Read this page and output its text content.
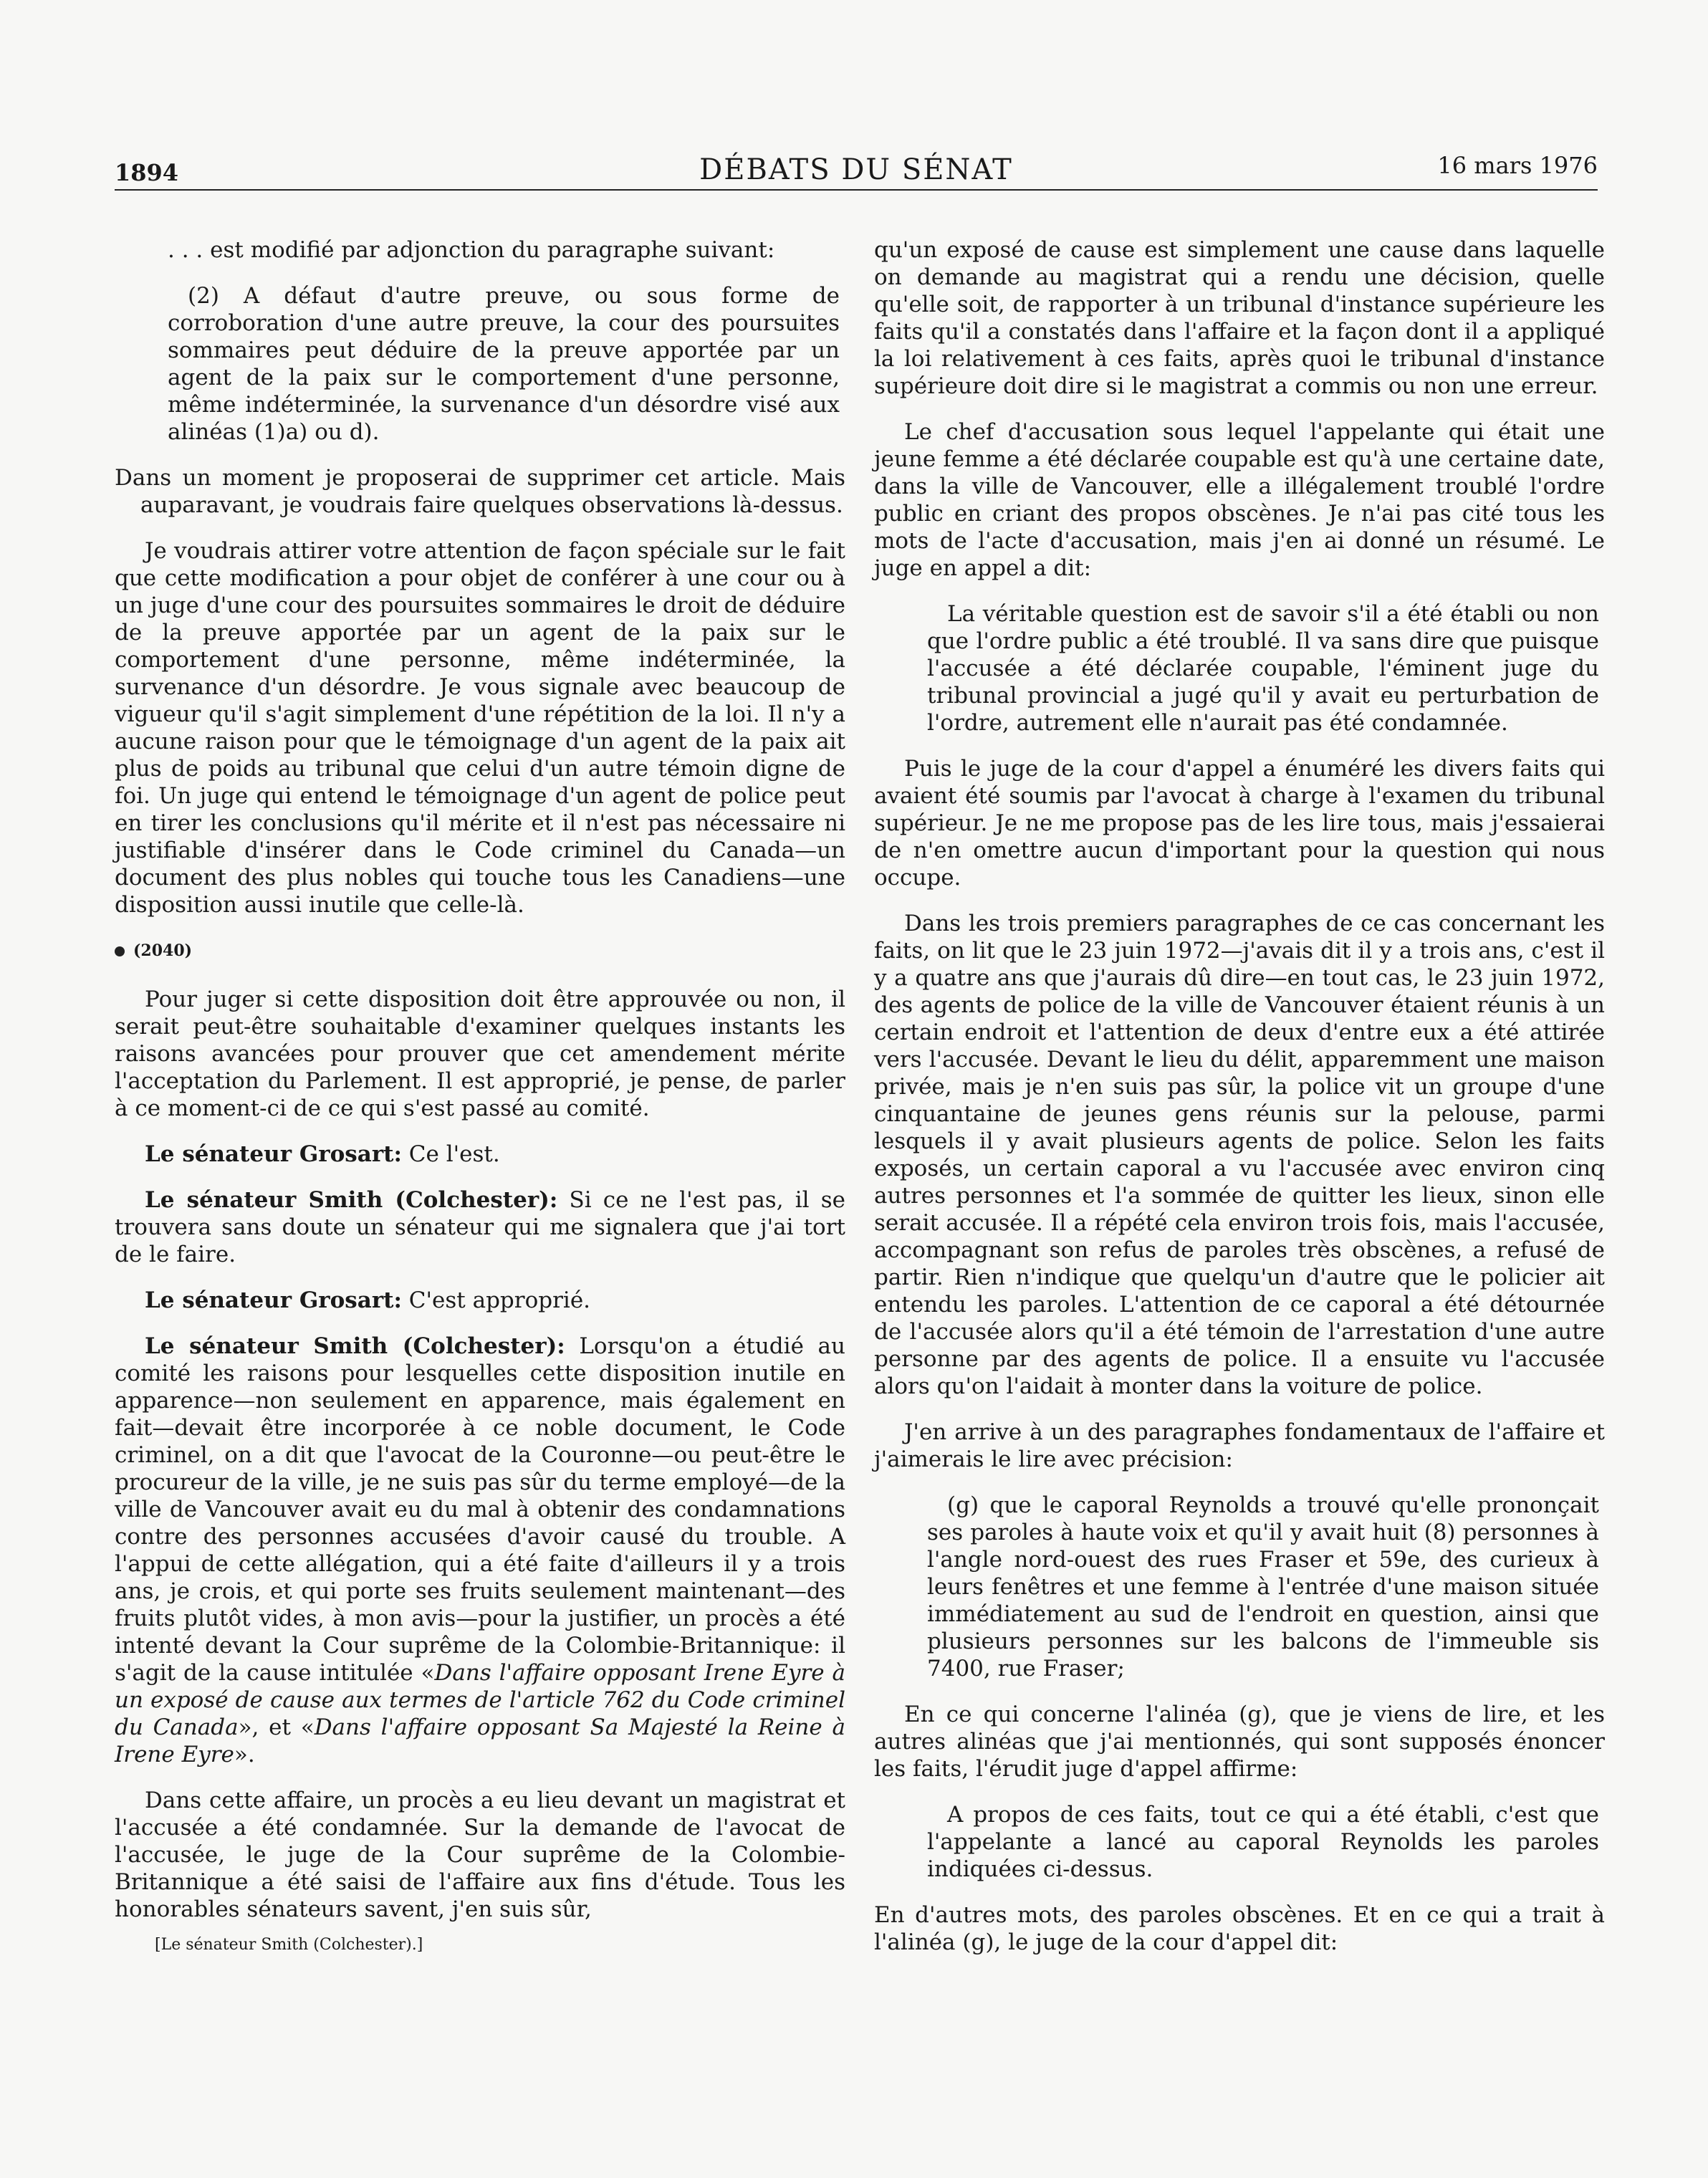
1894	DÉBATS DU SÉNAT	16 mars 1976

. . . est modifié par adjonction du paragraphe suivant:

(2) A défaut d'autre preuve, ou sous forme de corroboration d'une autre preuve, la cour des poursuites sommaires peut déduire de la preuve apportée par un agent de la paix sur le comportement d'une personne, même indéterminée, la survenance d'un désordre visé aux alinéas (1)a) ou d).

Dans un moment je proposerai de supprimer cet article. Mais auparavant, je voudrais faire quelques observations là-dessus.

Je voudrais attirer votre attention de façon spéciale sur le fait que cette modification a pour objet de conférer à une cour ou à un juge d'une cour des poursuites sommaires le droit de déduire de la preuve apportée par un agent de la paix sur le comportement d'une personne, même indéterminée, la survenance d'un désordre. Je vous signale avec beaucoup de vigueur qu'il s'agit simplement d'une répétition de la loi. Il n'y a aucune raison pour que le témoignage d'un agent de la paix ait plus de poids au tribunal que celui d'un autre témoin digne de foi. Un juge qui entend le témoignage d'un agent de police peut en tirer les conclusions qu'il mérite et il n'est pas nécessaire ni justifiable d'insérer dans le Code criminel du Canada—un document des plus nobles qui touche tous les Canadiens—une disposition aussi inutile que celle-là.

(2040)

Pour juger si cette disposition doit être approuvée ou non, il serait peut-être souhaitable d'examiner quelques instants les raisons avancées pour prouver que cet amendement mérite l'acceptation du Parlement. Il est approprié, je pense, de parler à ce moment-ci de ce qui s'est passé au comité.

Le sénateur Grosart: Ce l'est.

Le sénateur Smith (Colchester): Si ce ne l'est pas, il se trouvera sans doute un sénateur qui me signalera que j'ai tort de le faire.

Le sénateur Grosart: C'est approprié.

Le sénateur Smith (Colchester): Lorsqu'on a étudié au comité les raisons pour lesquelles cette disposition inutile en apparence—non seulement en apparence, mais également en fait—devait être incorporée à ce noble document, le Code criminel, on a dit que l'avocat de la Couronne—ou peut-être le procureur de la ville, je ne suis pas sûr du terme employé—de la ville de Vancouver avait eu du mal à obtenir des condamnations contre des personnes accusées d'avoir causé du trouble. A l'appui de cette allégation, qui a été faite d'ailleurs il y a trois ans, je crois, et qui porte ses fruits seulement maintenant—des fruits plutôt vides, à mon avis—pour la justifier, un procès a été intenté devant la Cour suprême de la Colombie-Britannique: il s'agit de la cause intitulée «Dans l'affaire opposant Irene Eyre à un exposé de cause aux termes de l'article 762 du Code criminel du Canada», et «Dans l'affaire opposant Sa Majesté la Reine à Irene Eyre».

Dans cette affaire, un procès a eu lieu devant un magistrat et l'accusée a été condamnée. Sur la demande de l'avocat de l'accusée, le juge de la Cour suprême de la Colombie-Britannique a été saisi de l'affaire aux fins d'étude. Tous les honorables sénateurs savent, j'en suis sûr,

[Le sénateur Smith (Colchester).]

qu'un exposé de cause est simplement une cause dans laquelle on demande au magistrat qui a rendu une décision, quelle qu'elle soit, de rapporter à un tribunal d'instance supérieure les faits qu'il a constatés dans l'affaire et la façon dont il a appliqué la loi relativement à ces faits, après quoi le tribunal d'instance supérieure doit dire si le magistrat a commis ou non une erreur.

Le chef d'accusation sous lequel l'appelante qui était une jeune femme a été déclarée coupable est qu'à une certaine date, dans la ville de Vancouver, elle a illégalement troublé l'ordre public en criant des propos obscènes. Je n'ai pas cité tous les mots de l'acte d'accusation, mais j'en ai donné un résumé. Le juge en appel a dit:

La véritable question est de savoir s'il a été établi ou non que l'ordre public a été troublé. Il va sans dire que puisque l'accusée a été déclarée coupable, l'éminent juge du tribunal provincial a jugé qu'il y avait eu perturbation de l'ordre, autrement elle n'aurait pas été condamnée.

Puis le juge de la cour d'appel a énuméré les divers faits qui avaient été soumis par l'avocat à charge à l'examen du tribunal supérieur. Je ne me propose pas de les lire tous, mais j'essaierai de n'en omettre aucun d'important pour la question qui nous occupe.

Dans les trois premiers paragraphes de ce cas concernant les faits, on lit que le 23 juin 1972—j'avais dit il y a trois ans, c'est il y a quatre ans que j'aurais dû dire—en tout cas, le 23 juin 1972, des agents de police de la ville de Vancouver étaient réunis à un certain endroit et l'attention de deux d'entre eux a été attirée vers l'accusée. Devant le lieu du délit, apparemment une maison privée, mais je n'en suis pas sûr, la police vit un groupe d'une cinquantaine de jeunes gens réunis sur la pelouse, parmi lesquels il y avait plusieurs agents de police. Selon les faits exposés, un certain caporal a vu l'accusée avec environ cinq autres personnes et l'a sommée de quitter les lieux, sinon elle serait accusée. Il a répété cela environ trois fois, mais l'accusée, accompagnant son refus de paroles très obscènes, a refusé de partir. Rien n'indique que quelqu'un d'autre que le policier ait entendu les paroles. L'attention de ce caporal a été détournée de l'accusée alors qu'il a été témoin de l'arrestation d'une autre personne par des agents de police. Il a ensuite vu l'accusée alors qu'on l'aidait à monter dans la voiture de police.

J'en arrive à un des paragraphes fondamentaux de l'affaire et j'aimerais le lire avec précision:

(g) que le caporal Reynolds a trouvé qu'elle prononçait ses paroles à haute voix et qu'il y avait huit (8) personnes à l'angle nord-ouest des rues Fraser et 59e, des curieux à leurs fenêtres et une femme à l'entrée d'une maison située immédiatement au sud de l'endroit en question, ainsi que plusieurs personnes sur les balcons de l'immeuble sis 7400, rue Fraser;

En ce qui concerne l'alinéa (g), que je viens de lire, et les autres alinéas que j'ai mentionnés, qui sont supposés énoncer les faits, l'érudit juge d'appel affirme:

A propos de ces faits, tout ce qui a été établi, c'est que l'appelante a lancé au caporal Reynolds les paroles indiquées ci-dessus.

En d'autres mots, des paroles obscènes. Et en ce qui a trait à l'alinéa (g), le juge de la cour d'appel dit:
